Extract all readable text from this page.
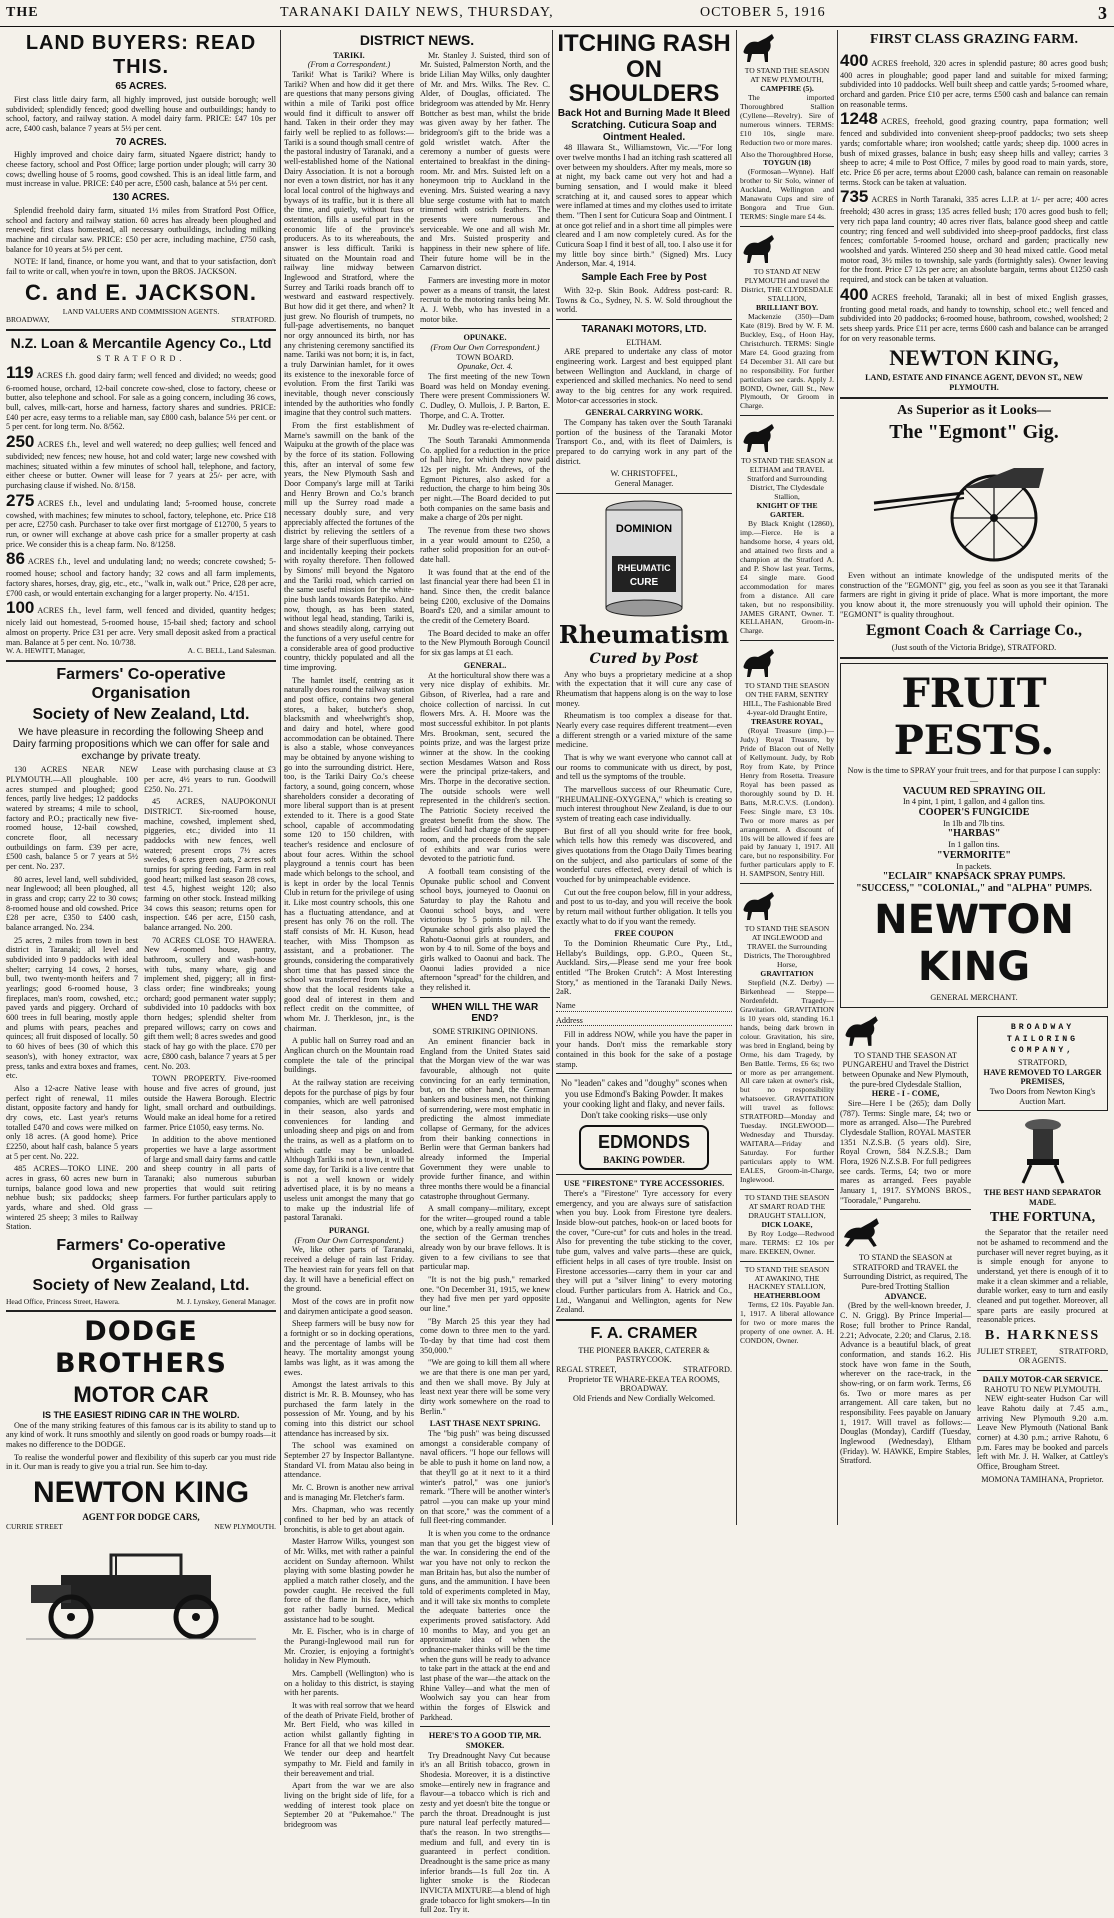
THE	TARANAKI DAILY NEWS, THURSDAY,	OCTOBER 5, 1916	3
LAND BUYERS: READ THIS.
65 ACRES.

First class little dairy farm, all highly improved, just outside borough; well subdivided; splendidly fenced; good dwelling house and outbuildings; handy to school, factory, and railway station. A model dairy farm. PRICE: £47 10s per acre, £400 cash, balance 7 years at 5½ per cent.

70 ACRES.

Highly improved and choice dairy farm, situated Ngaere district; handy to cheese factory, school and Post Office; large portion under plough; will carry 30 cows; dwelling house of 5 rooms, good cowshed. This is an ideal little farm, and must increase in value. PRICE: £40 per acre, £500 cash, balance at 5½ per cent.

130 ACRES.

Splendid freehold dairy farm, situated 1½ miles from Stratford Post Office, school and factory and railway station. 60 acres has already been ploughed and renewed; first class homestead, all necessary outbuildings, including milking machine and circular saw. PRICE: £50 per acre, including machine, £750 cash, balance for 10 years at 5½ per cent.

NOTE: If land, finance, or home you want, and that to your satisfaction, don't fail to write or call, when you're in town, upon the BROS. JACKSON.

C. and E. JACKSON.
LAND VALUERS AND COMMISSION AGENTS.
BROADWAY,	STRATFORD.
N.Z. Loan & Mercantile Agency Co., Ltd
STRATFORD.
119 ACRES f.h. good dairy farm; well fenced and divided; no weeds; good 6-roomed house, orchard, 12-bail concrete cow-shed, close to factory, cheese or butter, also telephone and school. For sale as a going concern, including 36 cows, bull, calves, milk-cart, horse and harness, factory shares and sundries. PRICE: £40 per acre, easy terms to a reliable man, say £800 cash, balance 5½ per cent. or 5 per cent. for long term. No. 8/562.
250 ACRES f.h., level and well watered; no deep gullies; well fenced and subdivided; new fences; new house, hot and cold water; large new cowshed with machines; situated within a few minutes of school hall, telephone, and factory, either cheese or butter. Owner will lease for 7 years at 25/- per acre, with purchasing clause if wished. No. 8/158.
275 ACRES f.h., level and undulating land; 5-roomed house, concrete cowshed, with machines; few minutes to school, factory, telephone, etc. Price £18 per acre, £2750 cash. Purchaser to take over first mortgage of £12700, 5 years to run, or owner will exchange at above cash price for a smaller property at cash price. We consider this is a cheap farm. No. 8/1258.
86 ACRES f.h., level and undulating land; no weeds; concrete cowshed; 5-roomed house; school and factory handy; 32 cows and all farm implements, factory shares, horses, dray, gig, etc., etc., "walk in, walk out." Price, £28 per acre, £700 cash, or would entertain exchanging for a larger property. No. 4/151.
100 ACRES f.h., level farm, well fenced and divided, quantity hedges; nicely laid out homestead, 5-roomed house, 15-bail shed; factory and school almost on property. Price £31 per acre. Very small deposit asked from a practical man. Balance at 5 per cent. No. 10/738.
W. A. HEWITT, Manager,	A. C. BELL, Land Salesman.
Farmers' Co-operative Organisation
Society of New Zealand, Ltd.
We have pleasure in recording the following Sheep and Dairy farming propositions which we can offer for sale and exchange by private treaty.

130 ACRES NEAR NEW PLYMOUTH.—All ploughable. 100 acres stumped and ploughed; good fences, partly live hedges; 12 paddocks watered by streams; 4 mile to school, factory and P.O.; practically new five-roomed house, 12-bail cowshed, concrete floor, all necessary outbuildings on farm. £39 per acre, £500 cash, balance 5 or 7 years at 5½ per cent. No. 237.

80 acres, level land, well subdivided, near Inglewood; all been ploughed, all in grass and crop; carry 22 to 30 cows; 8-roomed house and old cowshed. Price £28 per acre, £350 to £400 cash, balance arranged. No. 234.

25 acres, 2 miles from town in best district in Taranaki; all level and subdivided into 9 paddocks with ideal shelter; carrying 14 cows, 2 horses, bull, two twenty-month heifers and 7 yearlings; good 6-roomed house, 3 fireplaces, man's room, cowshed, etc.; paved yards and piggery. Orchard of 600 trees in full bearing, mostly apple and plums with pears, peaches and quinces; all fruit disposed of locally. 50 to 60 hives of bees (30 of which this season's), with honey extractor, wax press, tanks and extra boxes and frames, etc.

Also a 12-acre Native lease with perfect right of renewal, 11 miles distant, opposite factory and handy for dry cows, etc. Last year's returns totalled £470 and cows were milked on only 18 acres. (A good home). Price £2250, about half cash, balance 5 years at 5 per cent. No. 222.

485 ACRES—TOKO LINE. 200 acres in grass, 60 acres new burn in turnips, balance good lowa and new nebhue bush; six paddocks; sheep yards, whare and shed. Old grass wintered 25 sheep; 3 miles to Railway Station.

Lease with purchasing clause at £3 per acre, 4½ years to run. Goodwill £250. No. 271.

45 ACRES, NAUPOKONUI DISTRICT. Six-roomed house, machine, cowshed, implement shed, piggeries, etc.; divided into 11 paddocks with new fences, well watered; present crops 7½ acres swedes, 6 acres green oats, 2 acres soft turnips for spring feeding. Farm in real good heart; milked last season 28 cows, test 4.5, highest weight 120; also farming on other stock. Instead milking 34 cows this season; returns open for inspection. £46 per acre, £150 cash, balance arranged. No. 200.

70 ACRES CLOSE TO HAWERA. New 4-roomed house, pantry, bathroom, scullery and wash-house with tubs, many whare, gig and implement shed, piggery; all in first-class order; fine windbreaks; young orchard; good permanent water supply; subdivided into 10 paddocks with box thorn hedges; splendid shelter from prepared willows; carry on cows and gift them well; 8 acres swedes and good stack of hay go with the place. £70 per acre, £800 cash, balance 7 years at 5 per cent. No. 203.

TOWN PROPERTY. Five-roomed house and five acres of ground, just outside the Hawera Borough. Electric light, small orchard and outbuildings. Would make an ideal home for a retired farmer. Price £1050, easy terms. No.

In addition to the above mentioned properties we have a large assortment of large and small dairy farms and cattle and sheep country in all parts of Taranaki; also numerous suburban properties that would suit retiring farmers. For further particulars apply to—

Farmers' Co-operative Organisation
Society of New Zealand, Ltd.
Head Office, Princess Street, Hawera.	M. J. Lynskey, General Manager.
DODGE BROTHERS
MOTOR CAR
IS THE EASIEST RIDING CAR IN THE WOLRD.

One of the many striking features of this famous car is its ability to stand up to any kind of work. It runs smoothly and silently on good roads or bumpy roads—it makes no difference to the DODGE.

To realise the wonderful power and flexibility of this superb car you must ride in it. Our man is ready to give you a trial run. See him to-day.

NEWTON KING
AGENT FOR DODGE CARS,
CURRIE STREET	NEW PLYMOUTH.
DISTRICT NEWS.
TARIKI.
(From a Correspondent.)

Tariki! What is Tariki? Where is Tariki? When and how did it get there are questions that many persons giving within a mile of Tariki post office would find it difficult to answer off hand. Taken in their order they may fairly well be replied to as follows:—Tariki is a sound though small centre of the pastoral industry of Taranaki, and a well-established home of the National Dairy Association. It is not a borough nor even a town district, nor has it any local local control of the highways and byways of its traffic, but it is there all the time, and quietly, without fuss or ostentation, fills a useful part in the economic life of the province's producers. As to its whereabouts, the answer is less difficult. Tariki is situated on the Mountain road and railway line midway between Inglewood and Stratford, where the Surrey and Tariki roads branch off to westward and eastward respectively. But how did it get there, and when? It just grew. No flourish of trumpets, no full-page advertisements, no banquet nor orgy announced its birth, nor has any christening ceremony sanctified its name. Tariki was not born; it is, in fact, a truly Darwinian hamlet, for it owes its existence to the inexorable force of evolution. From the first Tariki was inevitable, though never consciously intended by the authorities who fondly imagine that they control such matters.

From the first establishment of Marne's sawmill on the bank of the Waipuku at the growth of the place was by the force of its station. Following this, after an interval of some few years, the New Plymouth Sash and Door Company's large mill at Tariki and Henry Brown and Co.'s branch mill up the Surrey road made a necessary doubly sure, and very appreciably affected the fortunes of the district by relieving the settlers of a large share of their superfluous timber, and incidentally keeping their pockets with royalty therefore. Then followed by Simons' mill beyond the Ngatoro and the Tariki road, which carried on the same useful mission for the white-pine bush lands towards Batepiko. And now, though, as has been stated, without legal head, standing, Tariki is, and shows steadily along, carrying out the functions of a very useful centre for a considerable area of good productive country, thickly populated and all the time improving.

The hamlet itself, centring as it naturally does round the railway station and post office, contains two general stores, a baker, butcher's shop, blacksmith and wheelwright's shop, and dairy and hotel, where good accommodation can be obtained. There is also a stable, whose conveyances may be obtained by anyone wishing to go into the surrounding district. Here, too, is the Tariki Dairy Co.'s cheese factory, a sound, going concern, whose shareholders consider a decorating of more liberal support than is at present extended to it. There is a good State school, capable of accommodating some 120 to 150 children, with teacher's residence and enclosure of about four acres. Within the school playground a tennis court has been made which belongs to the school, and is kept in order by the local Tennis Club in return for the privilege of using it. Like most country schools, this one has a fluctuating attendance, and at present has only 76 on the roll. The staff consists of Mr. H. Kuson, head teacher, with Miss Thompson as assistant, and a probationer. The grounds, considering the comparatively short time that has passed since the school was transferred from Waipuku, show that the local residents take a good deal of interest in them and reflect credit on the committee, of whom Mr. J. Therkleson, jnr., is the chairman.

A public hall on Surrey road and an Anglican church on the Mountain road complete the tale of the principal buildings.

At the railway station are receiving depots for the purchase of pigs by four companies, which are well patronised in their season, also yards and conveniences for landing and unloading sheep and pigs on and from the trains, as well as a platform on to which cattle may be unloaded. Although Tariki is not a town, it will be some day, for Tariki is a live centre that is not a well known or widely advertised place, it is by no means a useless unit amongst the many that go to make up the industrial life of pastoral Taranaki.

PURANGI.
(From Our Own Correspondent.)

We, like other parts of Taranaki, received a deluge of rain last Friday. The heaviest rain for years fell on that day. It will have a beneficial effect on the ground.

Most of the cows are in profit now and dairymen anticipate a good season.

Sheep farmers will be busy now for a fortnight or so in docking operations, and the percentage of lambs will be heavy. The mortality amongst young lambs was light, as it was among the ewes.

Amongst the latest arrivals to this district is Mr. R. B. Mounsey, who has purchased the farm lately in the possession of Mr. Young, and by his coming into this district our school attendance has increased by six.

The school was examined on September 27 by Inspector Ballantyne. Standard VI. from Matau also being in attendance.

Mr. C. Brown is another new arrival and is managing Mr. Fletcher's farm.

Mrs. Chapman, who was recently confined to her bed by an attack of bronchitis, is able to get about again.

Master Harrow Wilks, youngest son of Mr. Wilks, met with rather a painful accident on Sunday afternoon. Whilst playing with some blasting powder he applied a match rather closely, and the powder caught. He received the full force of the flame in his face, which got rather badly burned. Medical assistance had to be sought.

Mr. E. Fischer, who is in charge of the Purangi-Inglewood mail run for Mr. Crozier, is enjoying a fortnight's holiday in New Plymouth.

Mrs. Campbell (Wellington) who is on a holiday to this district, is staying with her parents.

It was with real sorrow that we heard of the death of Private Field, brother of Mr. Bert Field, who was killed in action whilst gallantly fighting in France for all that we hold most dear. We tender our deep and heartfelt sympathy to Mr. Field and family in their bereavement and trial.

Apart from the war we are also living on the bright side of life, for a wedding of interest took place on September 20 at "Pukemahoe." The bridegroom was

Mr. Stanley J. Suisted, third son of Mr. Suisted, Palmerston North, and the bride Lilian May Wilks, only daughter of Mr. and Mrs. Wilks. The Rev. C. Alder, of Douglas, officiated. The bridegroom was attended by Mr. Henry Bottcher as best man, whilst the bride was given away by her father. The bridegroom's gift to the bride was a gold wristlet watch. After the ceremony a number of guests were entertained to breakfast in the dining-room. Mr. and Mrs. Suisted left on a honeymoon trip to Auckland in the evening. Mrs. Suisted wearing a navy blue serge costume with hat to match trimmed with ostrich feathers. The presents were numerous and serviceable. We one and all wish Mr. and Mrs. Suisted prosperity and happiness in their new sphere of life. Their future home will be in the Carnarvon district.

Farmers are investing more in motor power as a means of transit, the latest recruit to the motoring ranks being Mr. A. J. Webb, who has invested in a motor bike.

OPUNAKE.
(From Our Own Correspondent.)
TOWN BOARD.
Opunake, Oct. 4.

The first meeting of the new Town Board was held on Monday evening. There were present Commissioners W. C. Dudley, O. Mullois, J. P. Barton, E. Thorpe, and C. A. Trotter.

Mr. Dudley was re-elected chairman.

The South Taranaki Ammonmenda Co. applied for a reduction in the price of hall hire, for which they now paid 12s per night. Mr. Andrews, of the Egmont Pictures, also asked for a reduction, the charge to him being 30s per night.—The Board decided to put both companies on the same basis and make a charge of 20s per night.

The revenue from these two shows in a year would amount to £250, a rather solid proposition for an out-of-date hall.

It was found that at the end of the last financial year there had been £1 in hand. Since then, the credit balance being £200, exclusive of the Domains Board's £20, and a similar amount to the credit of the Cemetery Board.

The Board decided to make an offer to the New Plymouth Borough Council for six gas lamps at £1 each.

GENERAL.

At the horticultural show there was a very nice display of exhibits. Mr. Gibson, of Riverlea, had a rare and choice collection of narcissi. In cut flowers Mrs. A. H. Moore was the most successful exhibitor. In pot plants Mrs. Brookman, sent, secured the points prize, and was the largest prize winner at the show. In the cooking section Mesdames Watson and Ross were the principal prize-takers, and Mrs. Thorpe in the decorative section. The outside schools were well represented in the children's section. The Patriotic Society received the greatest benefit from the show. The ladies' Guild had charge of the supper-room, and the proceeds from the sale of exhibits and war curios were devoted to the patriotic fund.

A football team consisting of the Opunake public school and Convent school boys, journeyed to Oaonui on Saturday to play the Rahotu and Oaonui school boys, and were victorious by 5 points to nil. The Opunake school girls also played the Rahotu-Oaonui girls at rounders, and won by 4 to nil. Some of the boys and girls walked to Oaonui and back. The Oaonui ladies provided a nice afternoon "spread" for the children, and they relished it.

WHEN WILL THE WAR END?
SOME STRIKING OPINIONS.

An eminent financier back in England from the United States said that the Morgan view of the war was favourable, although not quite convincing for an early termination, but, on the other hand, the German bankers and business men, not thinking of surrendering, were most emphatic in predicting the almost immediate collapse of Germany, for the advices from their banking connections in Berlin were that German bankers had already informed the Imperial Government they were unable to provide further finance, and within three months there would be a financial catastrophe throughout Germany.

A small company—military, except for the writer—grouped round a table one, which by a really amusing map of the section of the German trenches already won by our brave fellows. It is given to a few civilians to see that particular map.

"It is not the big push," remarked one. "On December 31, 1915, we knew they had five men per yard opposite our line."

"By March 25 this year they had come down to three men to the yard. To-day by that time had cost them 350,000."

"We are going to kill them all where we are that there is one man per yard, and then we shall move. By July at least next year there will be some very dirty work somewhere on the road to Berlin."

LAST THASE NEXT SPRING.

The "big push" was being discussed amongst a considerable company of naval officers. "I hope our fellows will be able to push it home on land now, a that they'll go at it next to it a third winter's patrol," was one junior's remark. "There will be another winter's patrol —you can make up your mind on that score," was the comment of a full fleet-ring commander.

It is when you come to the ordnance man that you get the biggest view of the war. In considering the end of the war you have not only to reckon the man Britain has, but also the number of guns, and the ammunition. I have been told of experiments completed in May, and it will take six months to complete the adequate batteries once the experiments proved satisfactory. Add 10 months to May, and you get an approximate idea of when the ordnance-maker thinks will be the time when the guns will be ready to advance to take part in the attack at the end and last phase of the war—the attack on the Rhine Valley—and what the men of Woolwich say you can hear from within the forges of Elswick and Parkhead.

HERE'S TO A GOOD TIP, MR. SMOKER.

Try Dreadnought Navy Cut because it's an all British tobacco, grown in Shodesia. Moreover, it is a distinctive smoke—entirely new in fragrance and flavour—a tobacco which is rich and zesty and yet doesn't bite the tongue or parch the throat. Dreadnought is just pure natural leaf perfectly matured—that's the reason. In two strengths—medium and full, and every tin is guaranteed in perfect condition. Dreadnought is the same price as many inferior brands—1s full 2oz tin. A lighter smoke is the Riodecan INVICTA MIXTURE—a blend of high grade tobacco for light smokers—In tin full 2oz. Try it.

ITCHING RASH
ON SHOULDERS
Back Hot and Burning Made It Bleed Scratching. Cuticura Soap and Ointment Healed.

48 Illawara St., Williamstown, Vic.—"For long over twelve months I had an itching rash scattered all over between my shoulders. After my meals, more so at night, my back came out very hot and had a burning sensation, and I would make it bleed scratching at it, and caused sores to appear which were inflamed at times and my clothes used to irritate them. "Then I sent for Cuticura Soap and Ointment. I at once got relief and in a short time all pimples were cleared and I am now completely cured. As for the Cuticura Soap I find it best of all, too. I also use it for my little boy since birth." (Signed) Mrs. Lucy Anderson, Mar. 4, 1914.

Sample Each Free by Post

With 32-p. Skin Book. Address post-card: R. Towns & Co., Sydney, N. S. W. Sold throughout the world.

TARANAKI MOTORS, LTD.
ELTHAM.

ARE prepared to undertake any class of motor engineering work. Largest and best equipped plant between Wellington and Auckland, in charge of experienced and skilled mechanics. No need to send away to the big centres for any work required. Motor-car accessories in stock.

GENERAL CARRYING WORK.

The Company has taken over the South Taranaki portion of the business of the Taranaki Motor Transport Co., and, with its fleet of Daimlers, is prepared to do carrying work in any part of the district.

W. CHRISTOFFEL,
General Manager.
DOMINION
RHEUMATIC
CURE
Rheumatism
Cured by Post

Any who buys a proprietary medicine at a shop with the expectation that it will cure any case of Rheumatism that happens along is on the way to lose money.

Rheumatism is too complex a disease for that. Nearly every case requires different treatment—even a different strength or a varied mixture of the same medicine.

That is why we want everyone who cannot call at our rooms to communicate with us direct, by post, and tell us the symptoms of the trouble.

The marvellous success of our Rheumatic Cure, "RHEUMALINE-OXYGENA," which is creating so much interest throughout New Zealand, is due to our system of treating each case individually.

But first of all you should write for free book, which tells how this remedy was discovered, and gives quotations from the Otago Daily Times bearing on the subject, and also particulars of some of the wonderful cures effected, every detail of which is vouched for by unimpeachable evidence.

Cut out the free coupon below, fill in your address, and post to us to-day, and you will receive the book by return mail without further obligation. It tells you exactly what to do if you want the remedy.

FREE COUPON

To the Dominion Rheumatic Cure Pty., Ltd., Hellaby's Buildings, opp. G.P.O., Queen St., Auckland. Sirs,—Please send me your free book entitled "The Broken Crutch": A Most Interesting Story," as mentioned in the Taranaki Daily News. 2aR.

Name
Address

Fill in address NOW, while you have the paper in your hands. Don't miss the remarkable story contained in this book for the sake of a postage stamp.

No "leaden" cakes and "doughy" scones when you use Edmond's Baking Powder. It makes your cooking light and flaky, and never fails. Don't take cooking risks—use only
EDMONDS
BAKING POWDER.
USE "FIRESTONE" TYRE ACCESSORIES.

There's a "Firestone" Tyre accessory for every emergency, and you are always sure of satisfaction when you buy. Look from Firestone tyre dealers. Inside blow-out patches, hook-on or laced boots for the cover, "Cure-cut" for cuts and holes in the tread. Also for preventing the tube sticking to the cover, tube gum, valves and valve parts—these are quick, efficient helps in all cases of tyre trouble. Insist on Firestone accessories—carry them in your car and they will put a "silver lining" to every motoring cloud. Further particulars from A. Hatrick and Co., Ltd., Wanganui and Wellington, agents for New Zealand.

F. A. CRAMER
THE PIONEER BAKER, CATERER & PASTRYCOOK.
REGAL STREET,	STRATFORD.
Proprietor TE WHARE-EKEA TEA ROOMS, BROADWAY.
Old Friends and New Cordially Welcomed.
TO STAND THE SEASON AT NEW PLYMOUTH,
CAMPFIRE (5).

The imported Thoroughbred Stallion (Cyllene—Revelry). Sire of numerous winners. TERMS: £10 10s, single mare. Reduction two or more mares.

Also the Thoroughbred Horse,
TOYGUN (18)

(Formosan—Wynne). Half brother to Sir Solo, winner of Auckland, Wellington and Manawatu Cups and sire of Bongora and True Gun. TERMS: Single mare £4 4s.

TO STAND AT NEW PLYMOUTH and travel the District, THE CLYDESDALE STALLION,
BRILLIANT BOY.

Mackenzie (350)—Dam Kate (819). Bred by W. F. M. Buckley, Esq., of Hoon Hay, Christchurch. TERMS: Single Mare £4. Good grazing from £4 December 31. All care but no responsibility. For further particulars see cards. Apply J. BOND, Owner, Gill St., New Plymouth, Or Groom in Charge.

TO STAND THE SEASON at ELTHAM and TRAVEL Stratford and Surrounding District, The Clydesdale Stallion,
KNIGHT OF THE GARTER.

By Black Knight (12860), imp.—Fierce. He is a handsome horse, 4 years old, and attained two firsts and a champion at the Stratford A. and P. Show last year. Terms, £4 single mare. Good accommodation for mares from a distance. All care taken, but no responsibility. JAMES GRANT, Owner. T. KELLAHAN, Groom-in-Charge.

TO STAND THE SEASON ON THE FARM, SENTRY HILL, The Fashionable Bred 4-year-old Draught Entire,
TREASURE ROYAL,

(Royal Treasure (imp.)—Judy.) Royal Treasure, by Pride of Blacon out of Nelly of Kellymount. Judy, by Rob Roy from Kate, by Prince Henry from Rosetta. Treasure Royal has been passed as thoroughly sound by D. H. Batts, M.R.C.V.S. (London). Fees: Single mare, £3 10s. Two or more mares as per arrangement. A discount of 10s will be allowed if fees are paid by January 1, 1917. All care, but no responsibility. For further particulars apply to F. H. SAMPSON, Sentry Hill.

TO STAND THE SEASON AT INGLEWOOD and TRAVEL the Surrounding Districts, The Thoroughbred Horse,
GRAVITATION

Stepfield (N.Z. Derby) — Birkenhead — Steppe—Nordenfeldt. Tragedy—Gravitation. GRAVITATION is 10 years old, standing 16.1 hands, being dark brown in colour. Gravitation, his sire, was bred in England, being by Orme, his dam Tragedy, by Ben Battle. Terms, £6 6s; two or more as per arrangement. All care taken at owner's risk, but no responsibility whatsoever. GRAVITATION will travel as follows: STRATFORD—Monday and Tuesday. INGLEWOOD—Wednesday and Thursday. WAITARA—Friday and Saturday. For further particulars apply to WM. EALES, Groom-in-Charge, Inglewood.

TO STAND THE SEASON AT SMART ROAD THE DRAUGHT STALLION,
DICK LOAKE,

By Roy Lodge—Redwood mare. TERMS: £2 10s per mare. EKEKEN, Owner.

TO STAND THE SEASON AT AWAKINO, THE HACKNEY STALLION,
HEATHERBLOOM

Terms, £2 10s. Payable Jan. 1, 1917. A liberal allowance for two or more mares the property of one owner. A. H. CONDON, Owner.

FIRST CLASS GRAZING FARM.
400 ACRES freehold, 320 acres in splendid pasture; 80 acres good bush; 400 acres in ploughable; good paper land and suitable for mixed farming; subdivided into 10 paddocks. Well built sheep and cattle yards; 5-roomed whare, orchard and garden. Price £10 per acre, terms £500 cash and balance can remain on reasonable terms.
1248 ACRES, freehold, good grazing country, papa formation; well fenced and subdivided into convenient sheep-proof paddocks; two sets sheep yards; comfortable whare; iron woolshed; cattle yards; sheep dip. 1000 acres in bush of mixed grasses, balance in bush; easy sheep hills and valley; carries 3 sheep to acre; 4 mile to Post Office, 7 miles by good road to main yards, store, etc. Price £6 per acre, terms about £2000 cash, balance can remain on reasonable terms. Stock can be taken at valuation.
735 ACRES in North Taranaki, 335 acres L.I.P. at 1/- per acre; 400 acres freehold; 430 acres in grass; 135 acres felled bush; 170 acres good bush to fell; very rich papa land country; 40 acres river flats, balance good sheep and cattle country; ring fenced and well subdivided into sheep-proof paddocks, first class fences; comfortable 5-roomed house, orchard and garden; practically new woolshed and yards. Wintered 250 sheep and 30 head mixed cattle. Good metal motor road, 3½ miles to township, sale yards (fortnightly sales). Owner leaving for the front. Price £7 12s per acre; an absolute bargain, terms about £1250 cash required, and stock can be taken at valuation.
400 ACRES freehold, Taranaki; all in best of mixed English grasses, fronting good metal roads, and handy to township, school etc.; well fenced and subdivided into 20 paddocks; 6-roomed house, bathroom, cowshed, woolshed; 2 sets sheep yards. Price £11 per acre, terms £600 cash and balance can be arranged for on very reasonable terms.
NEWTON KING,
LAND, ESTATE AND FINANCE AGENT, DEVON ST., NEW PLYMOUTH.
As Superior as it Looks—
The "Egmont" Gig.

Even without an intimate knowledge of the undisputed merits of the construction of the "EGMONT" gig, you feel as soon as you see it that Taranaki farmers are right in giving it pride of place. What is more important, the more you know about it, the more strenuously you will uphold their opinion. The "EGMONT" is quality throughout.

Egmont Coach & Carriage Co.,
(Just south of the Victoria Bridge), STRATFORD.
FRUIT PESTS.
Now is the time to SPRAY your fruit trees, and for that purpose I can supply:—
VACUUM RED SPRAYING OIL
In 4 pint, 1 pint, 1 gallon, and 4 gallon tins.
COOPER'S FUNGICIDE
In 1lb and 7lb tins.
"HARBAS"
In 1 gallon tins.
"VERMORITE"
In packets.
"ECLAIR" KNAPSACK SPRAY PUMPS.
"SUCCESS," "COLONIAL," and "ALPHA" PUMPS.
NEWTON KING
GENERAL MERCHANT.
TO STAND THE SEASON AT PUNGAREHU and Travel the District between Opunake and New Plymouth, the pure-bred Clydesdale Stallion,
HERE - I - COME,

Sire—Here I be (265); dam Dolly (787). Terms: Single mare, £4; two or more as arranged. Also—The Purebred Clydesdale Stallion, ROYAL MASTER 1351 N.Z.S.B. (5 years old). Sire, Royal Crown, 584 N.Z.S.B.; Dam Flora, 1926 N.Z.S.B. For full pedigrees see cards. Terms, £4; two or more mares as arranged. Fees payable January 1, 1917. SYMONS BROS., "Tooradale," Pungarehu.

TO STAND the SEASON at STRATFORD and TRAVEL the Surrounding District, as required, The Pure-bred Trotting Stallion
ADVANCE.

(Bred by the well-known breeder, J. C. N. Grigg). By Prince Imperial—Rose; full brother to Prince Randal, 2.21; Advocate, 2.20; and Clarus, 2.18. Advance is a beautiful black, of great conformation, and stands 16.2. His stock have won fame in the South, wherever on the race-track, in the show-ring, or on farm work. Terms, £6 6s. Two or more mares as per arrangement. All care taken, but no responsibility. Fees payable on January 1, 1917. Will travel as follows:—Douglas (Monday), Cardiff (Tuesday, Inglewood (Wednesday), Eltham (Friday). W. HAWKE, Empire Stables, Stratford.

BROADWAY
TAILORING
COMPANY,
STRATFORD,
HAVE REMOVED TO LARGER PREMISES,
Two Doors from Newton King's Auction Mart.
THE BEST HAND SEPARATOR MADE.
THE FORTUNA,

the Separator that the retailer need not be ashamed to recommend and the purchaser will never regret buying, as it is simple enough for anyone to understand, yet there is enough of it to make it a clean skimmer and a reliable, durable worker, easy to turn and easily cleaned and put together. Moreover, all spare parts are easily procured at reasonable prices.

B. HARKNESS
JULIET STREET,	STRATFORD,
OR AGENTS.
DAILY MOTOR-CAR SERVICE.
RAHOTU TO NEW PLYMOUTH.

NEW eight-seater Hudson Car will leave Rahotu daily at 7.45 a.m., arriving New Plymouth 9.20 a.m. Leave New Plymouth (National Bank corner) at 4.30 p.m.; arrive Rahotu, 6 p.m. Fares may be booked and parcels left with Mr. J. H. Walker, at Cattley's Office, Brougham Street.

MOMONA TAMIHANA, Proprietor.
